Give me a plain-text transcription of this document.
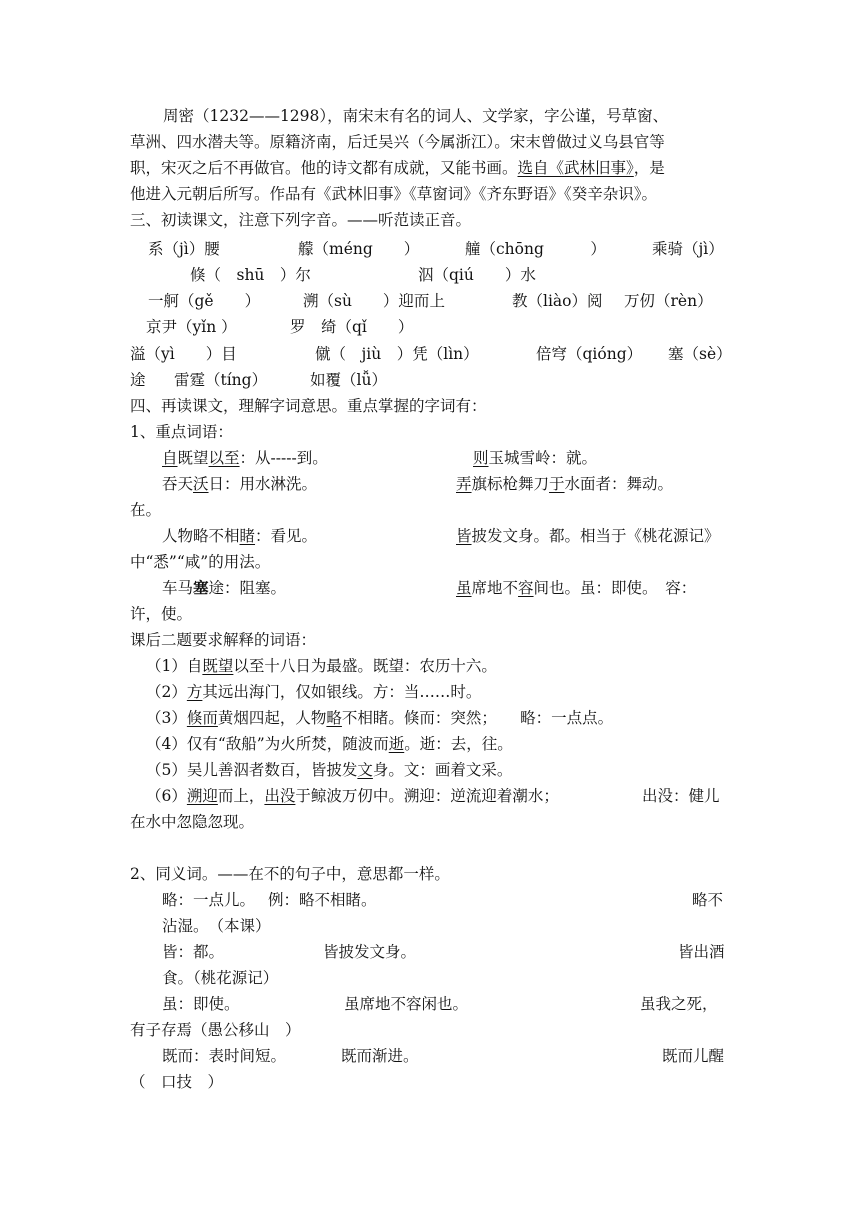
周密（1232——1298），南宋末有名的词人、文学家，字公谨，号草窗、
草洲、四水潜夫等。原籍济南，后迁吴兴（今属浙江）。宋末曾做过义乌县官等
职，宋灭之后不再做官。他的诗文都有成就，又能书画。选自《武林旧事》，是
他进入元朝后所写。作品有《武林旧事》《草窗词》《齐东野语》《癸辛杂识》。
三、初读课文，注意下列字音。——听范读正音。
系（jì）腰	艨（méng　　）	艟（chōng　　　）	乘骑（jì）
倏（　shū　）尔	泅（qiú　　）水
一舸（gě　　）	溯（sù　　）迎而上	教（liào）阅 万仞（rèn）
京尹（yǐn ）	罗　绮（qǐ　　）
溢（yì　　）目	僦（　jiù　）凭（lìn）	倍穹（qióng） 塞（sè）
途 雷霆（tíng）	如覆（lǚ）
四、再读课文，理解字词意思。重点掌握的字词有：
1、重点词语：
自既望以至：从-----到。	则玉城雪岭：就。
吞天沃日：用水淋洗。	弄旗标枪舞刀于水面者：舞动。
在。
人物略不相睹：看见。	皆披发文身。都。相当于《桃花源记》
中“悉”“咸”的用法。
车马塞途：阻塞。	虽席地不容间也。虽：即使。　容：
许，使。
课后二题要求解释的词语：
（1）自既望以至十八日为最盛。既望：农历十六。
（2）方其远出海门，仅如银线。方：当……时。
（3）倏而黄烟四起，人物略不相睹。倏而：突然；　　略：一点点。
（4）仅有“敌船”为火所焚，随波而逝。逝：去，往。
（5）吴儿善泅者数百，皆披发文身。文：画着文采。
（6）溯迎而上，出没于鲸波万仞中。溯迎：逆流迎着潮水；	出没：健儿
在水中忽隐忽现。
2、同义词。——在不的句子中，意思都一样。
略：一点儿。 例：略不相睹。	略不
沾湿。　（本课）
皆：都。	皆披发文身。	皆出酒
食。（桃花源记）
虽：即使。	虽席地不容闲也。	虽我之死，
有子存焉（愚公移山　）
既而：表时间短。	既而渐进。	既而儿醒
（　口技　）
